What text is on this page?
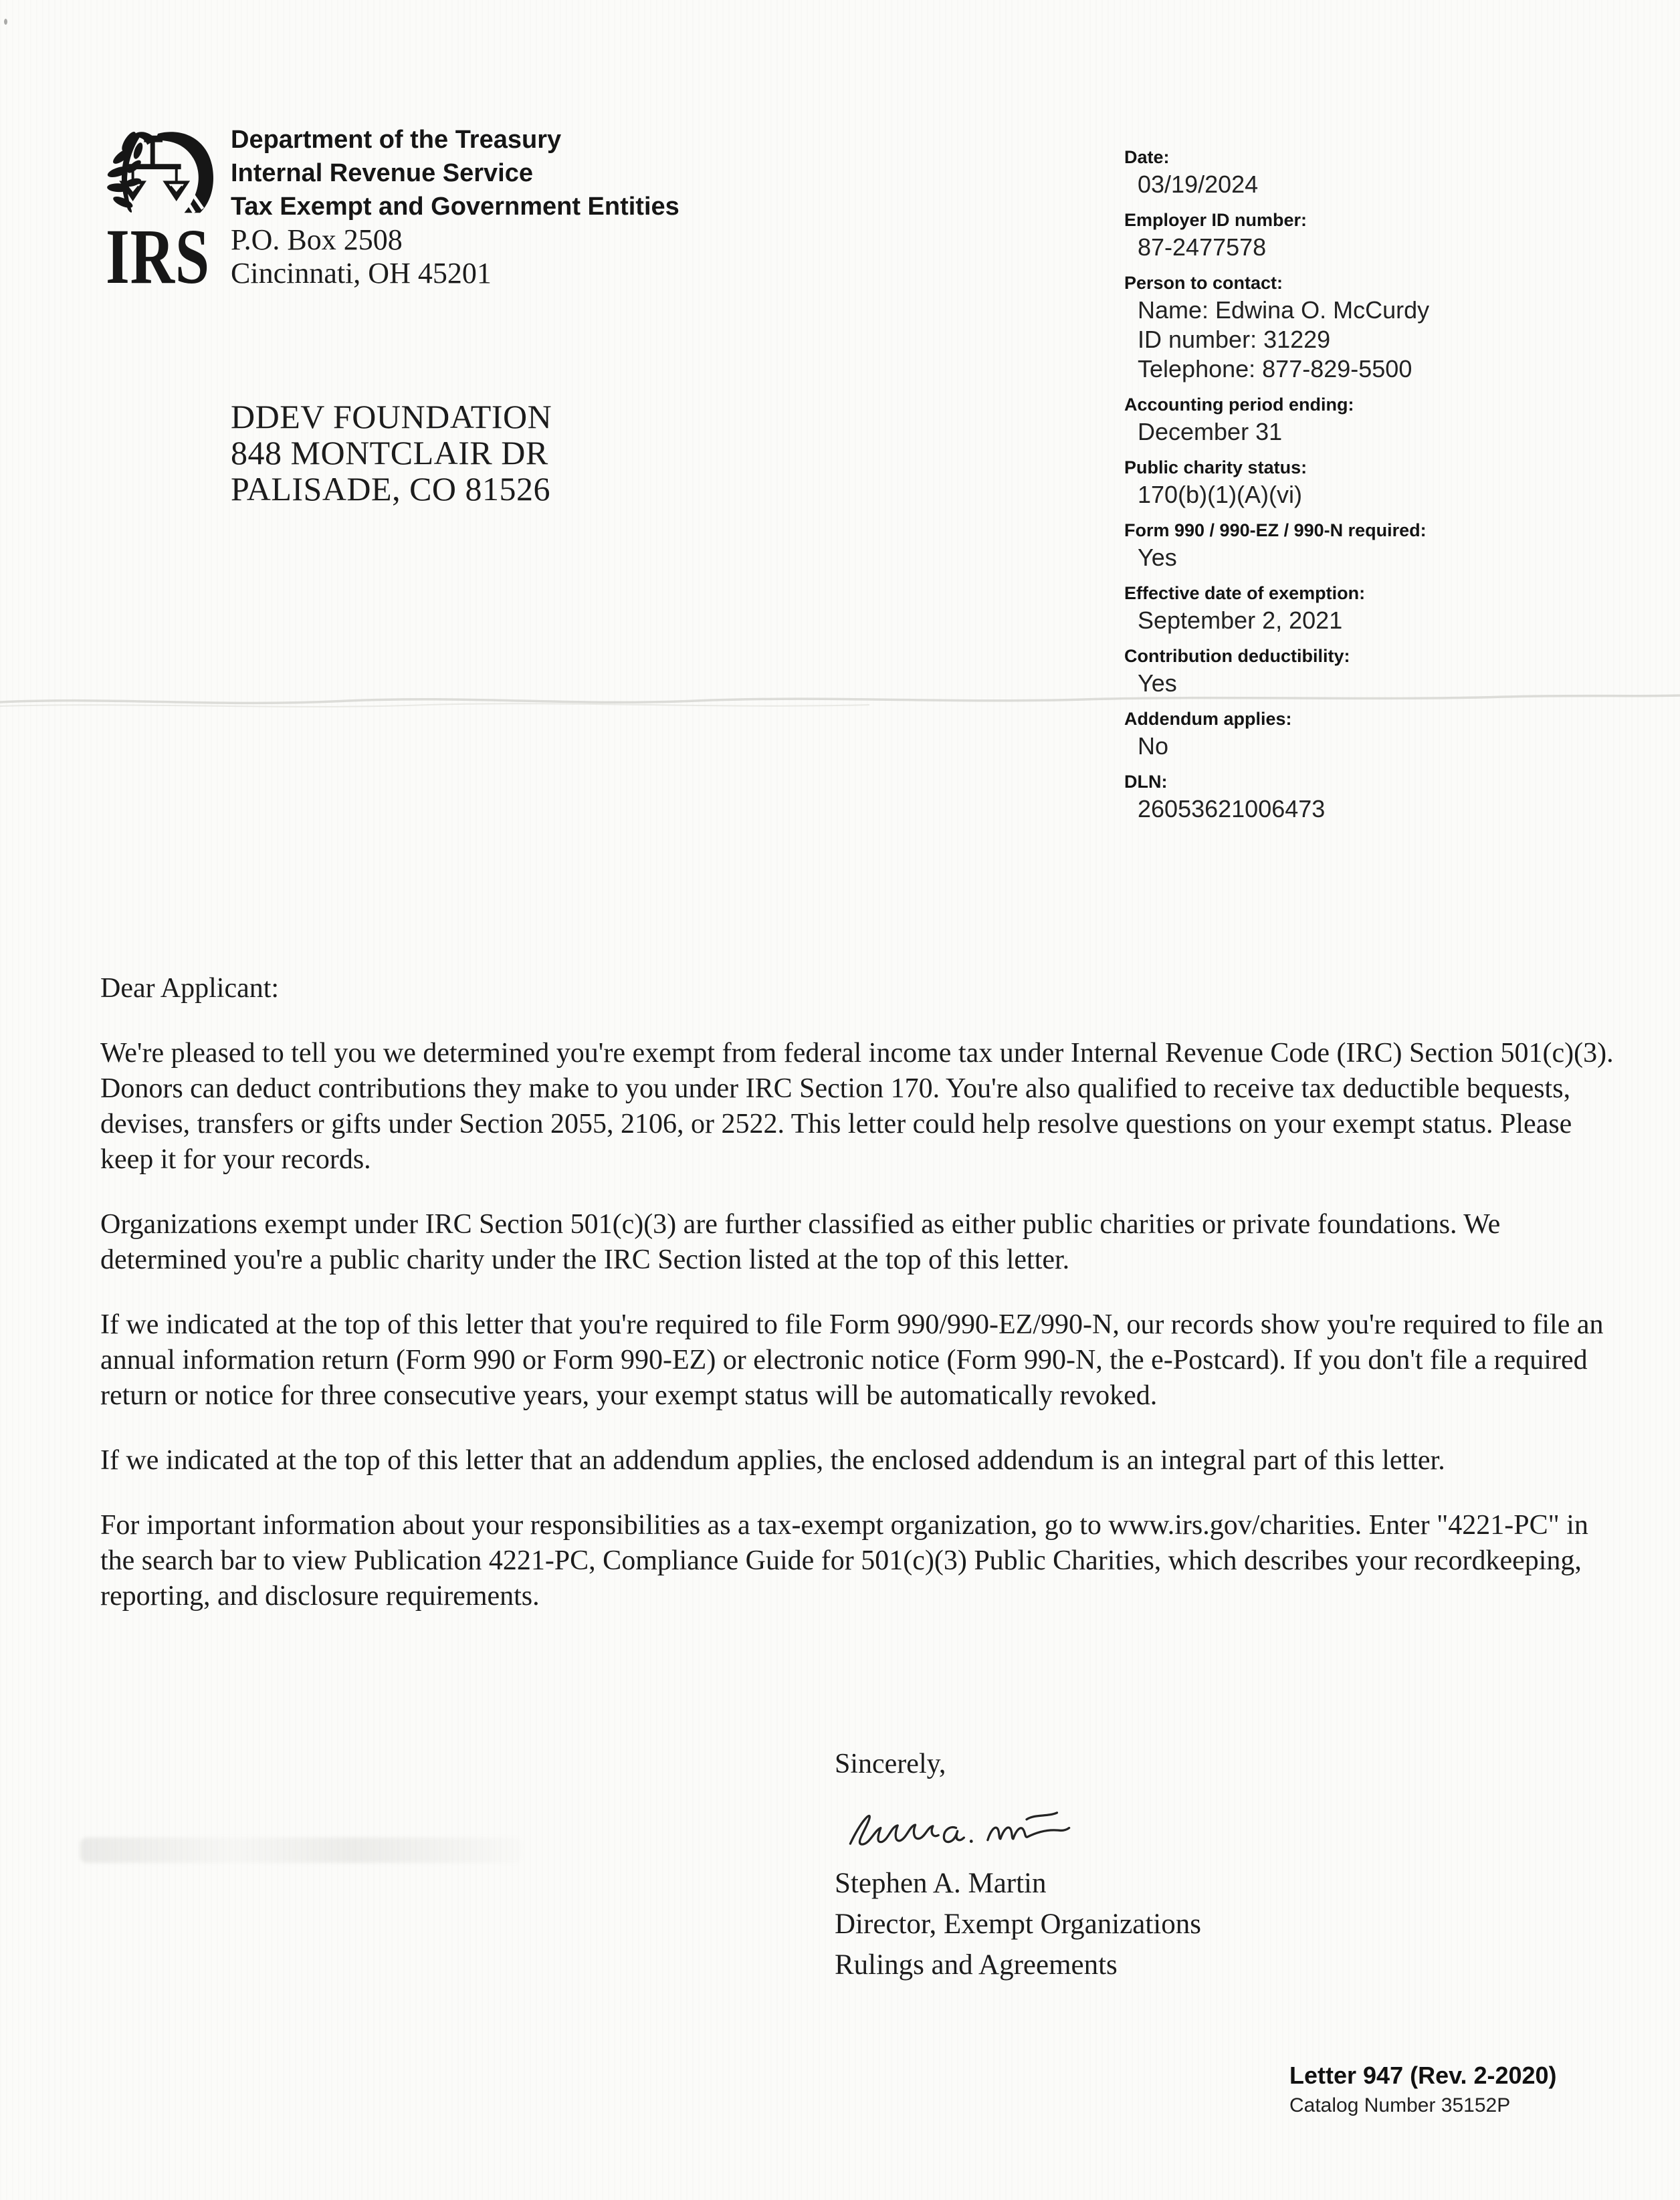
IRS
Department of the Treasury
Internal Revenue Service
Tax Exempt and Government Entities
P.O. Box 2508
Cincinnati, OH 45201
DDEV FOUNDATION
848 MONTCLAIR DR
PALISADE, CO 81526
Date:
03/19/2024
Employer ID number:
87-2477578
Person to contact:
Name: Edwina O. McCurdy
ID number: 31229
Telephone: 877-829-5500
Accounting period ending:
December 31
Public charity status:
170(b)(1)(A)(vi)
Form 990 / 990-EZ / 990-N required:
Yes
Effective date of exemption:
September 2, 2021
Contribution deductibility:
Yes
Addendum applies:
No
DLN:
26053621006473

Dear Applicant:

We're pleased to tell you we determined you're exempt from federal income tax under Internal Revenue Code (IRC) Section 501(c)(3). Donors can deduct contributions they make to you under IRC Section 170. You're also qualified to receive tax deductible bequests, devises, transfers or gifts under Section 2055, 2106, or 2522. This letter could help resolve questions on your exempt status. Please keep it for your records.

Organizations exempt under IRC Section 501(c)(3) are further classified as either public charities or private foundations. We determined you're a public charity under the IRC Section listed at the top of this letter.

If we indicated at the top of this letter that you're required to file Form 990/990-EZ/990-N, our records show you're required to file an annual information return (Form 990 or Form 990-EZ) or electronic notice (Form 990-N, the e-Postcard). If you don't file a required return or notice for three consecutive years, your exempt status will be automatically revoked.

If we indicated at the top of this letter that an addendum applies, the enclosed addendum is an integral part of this letter.

For important information about your responsibilities as a tax-exempt organization, go to www.irs.gov/charities. Enter "4221-PC" in the search bar to view Publication 4221-PC, Compliance Guide for 501(c)(3) Public Charities, which describes your recordkeeping, reporting, and disclosure requirements.

Sincerely,
Stephen A. Martin
Director, Exempt Organizations
Rulings and Agreements
Letter 947 (Rev. 2-2020)
Catalog Number 35152P
